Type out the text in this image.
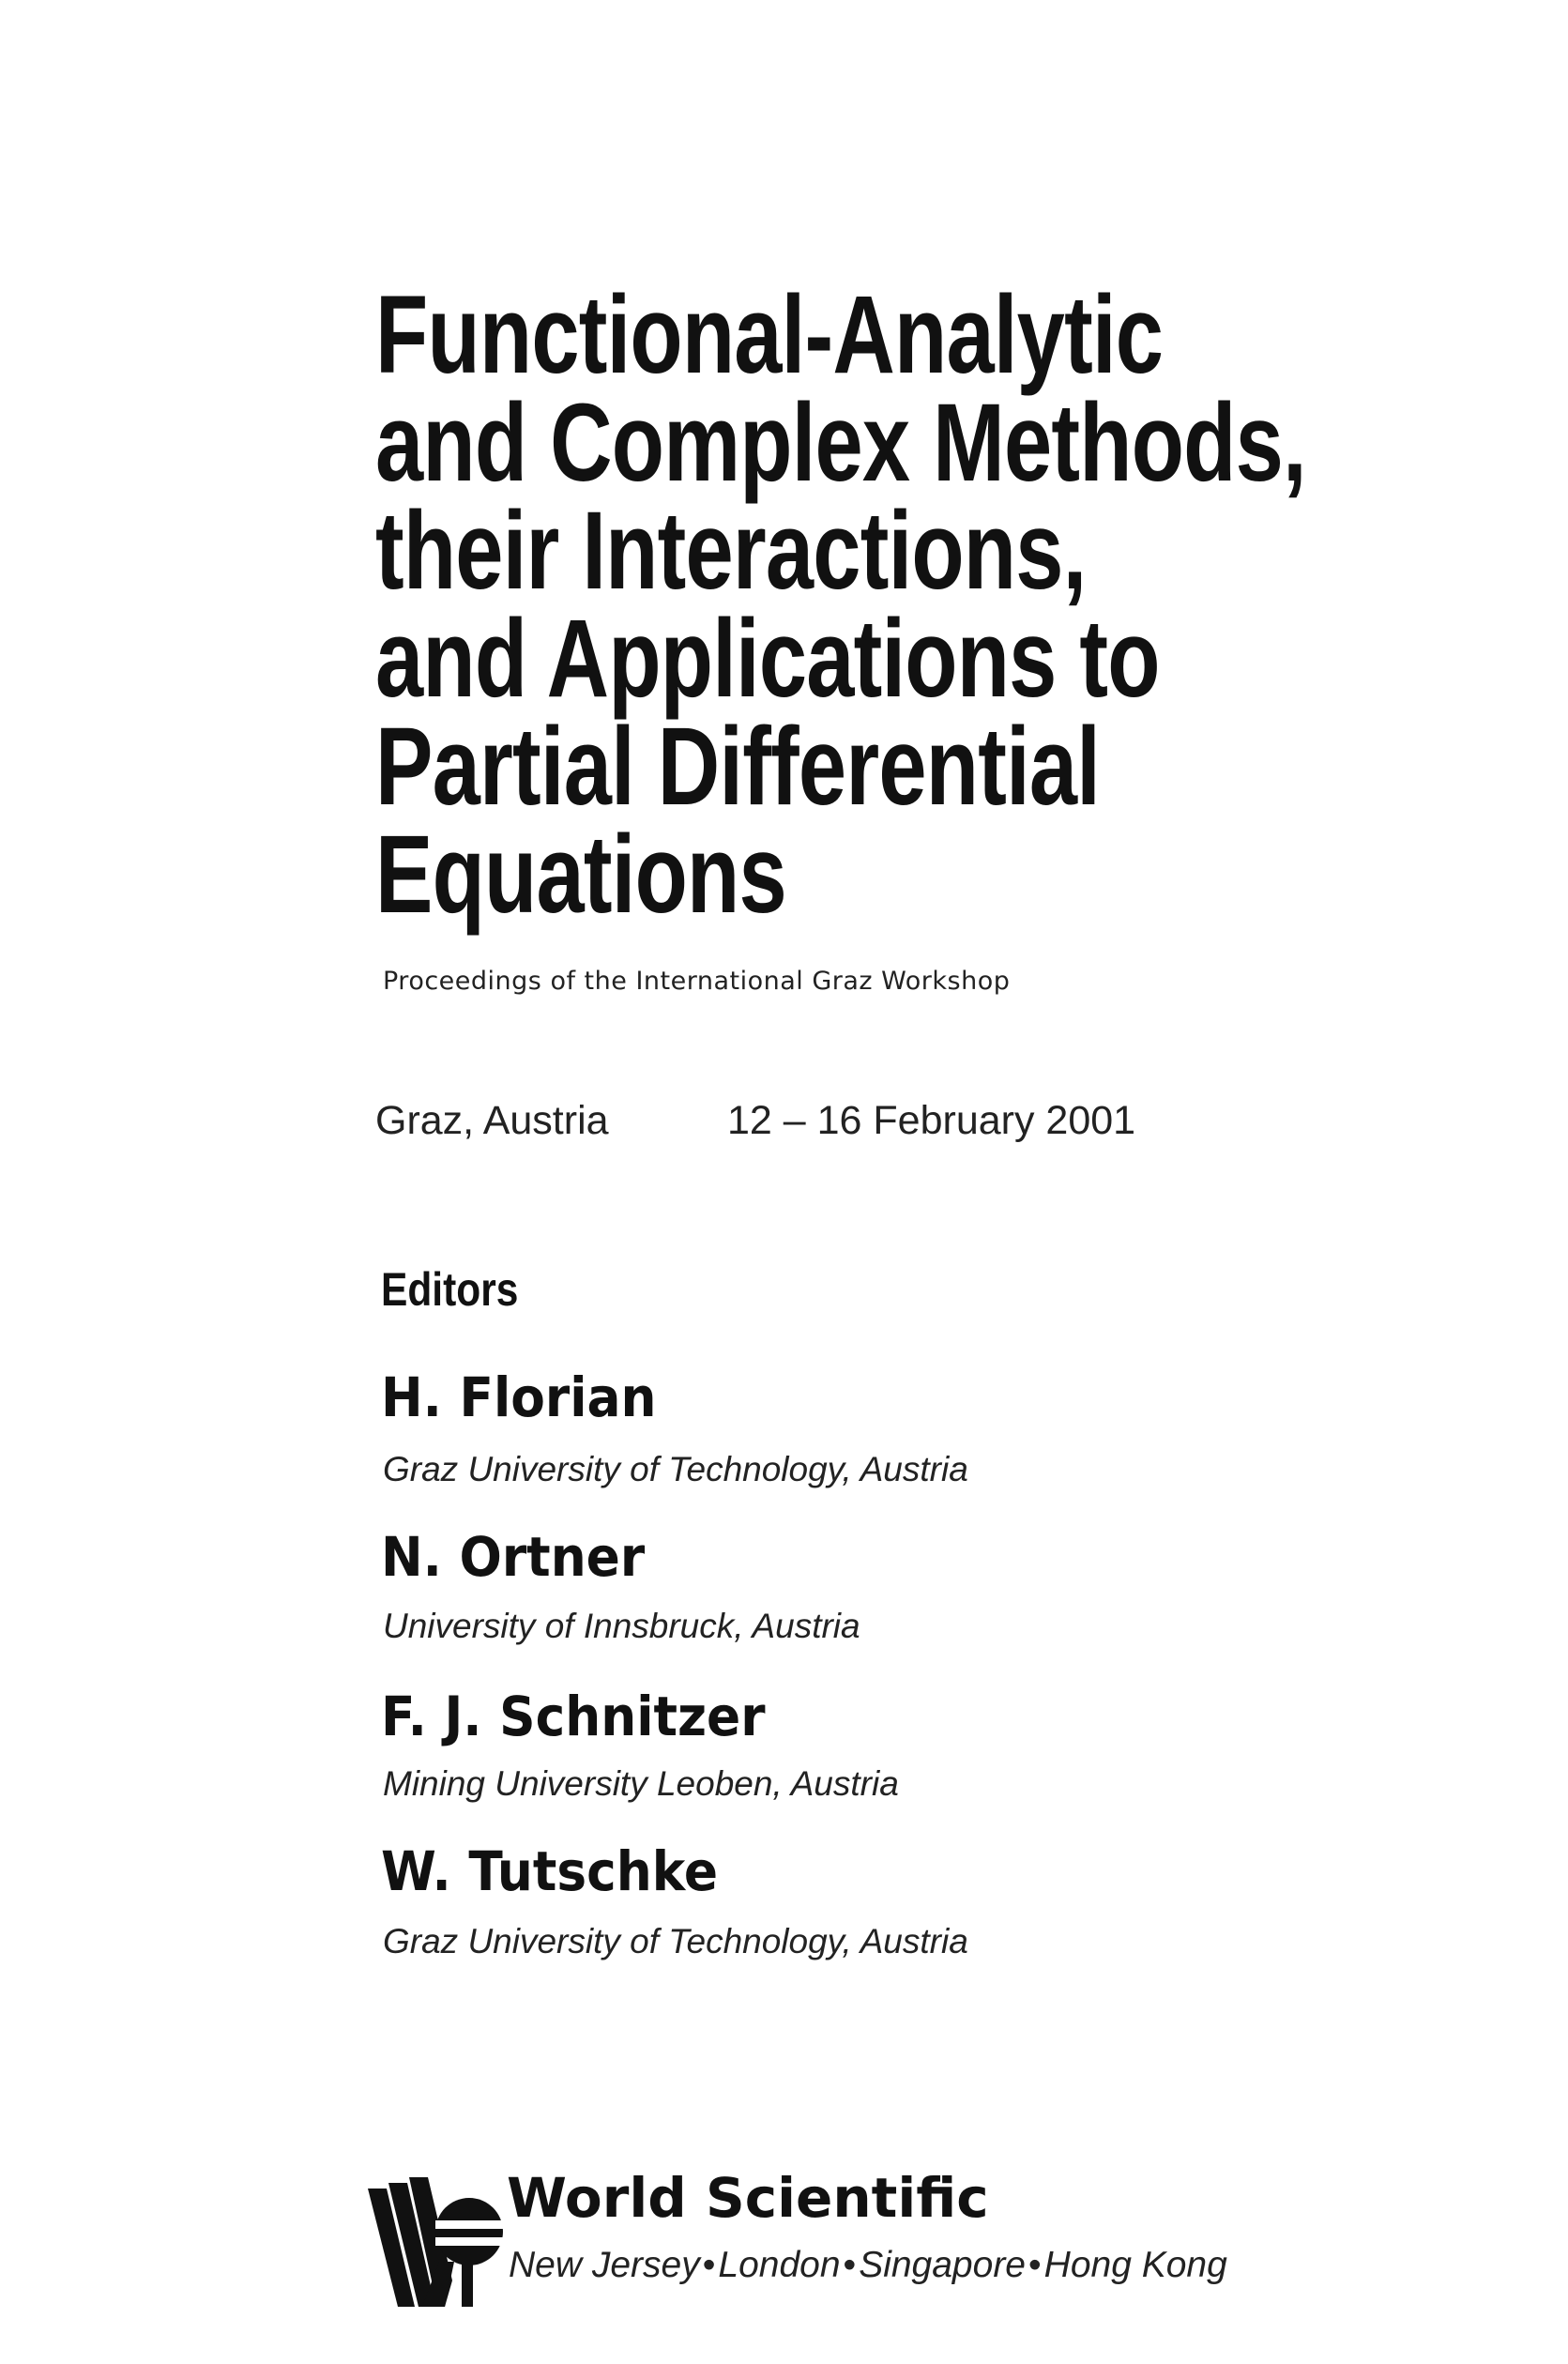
Functional-Analytic
and Complex Methods,
their Interactions,
and Applications to
Partial Differential
Equations
Proceedings of the International Graz Workshop
Graz, Austria	12 – 16 February 2001
Editors
H. Florian
Graz University of Technology, Austria
N. Ortner
University of Innsbruck, Austria
F. J. Schnitzer
Mining University Leoben, Austria
W. Tutschke
Graz University of Technology, Austria
World Scientific
New Jersey•London•Singapore•Hong Kong
